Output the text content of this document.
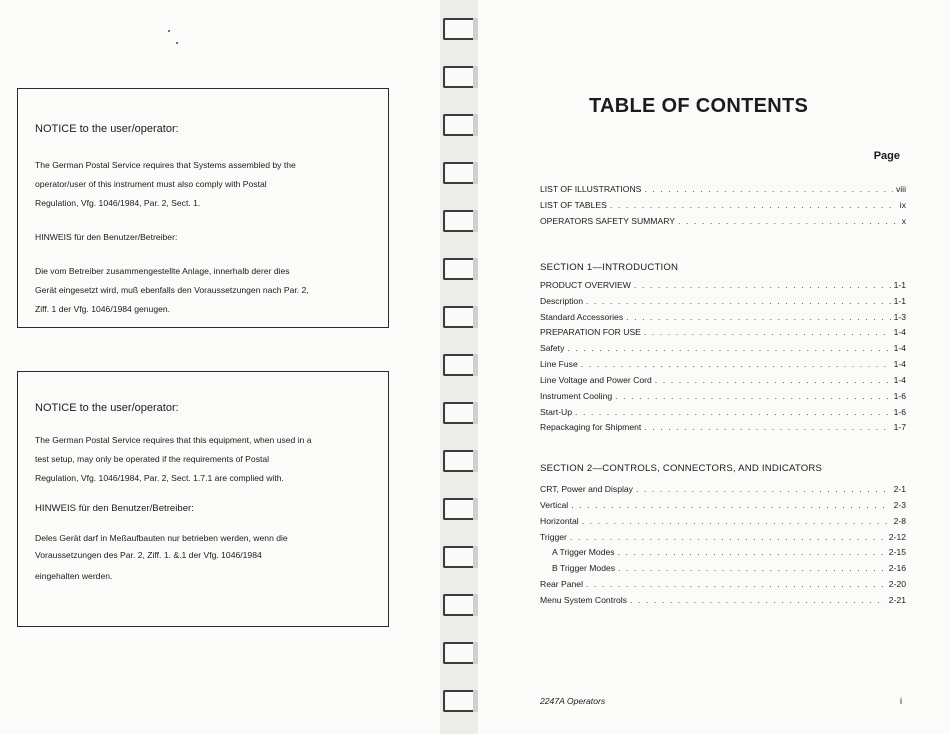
NOTICE to the user/operator:
The German Postal Service requires that Systems assembled by the
operator/user of this instrument must also comply with Postal
Regulation, Vfg. 1046/1984, Par. 2, Sect. 1.
HINWEIS für den Benutzer/Betreiber:
Die vom Betreiber zusammengestellte Anlage, innerhalb derer dies
Gerät eingesetzt wird, muß ebenfalls den Voraussetzungen nach Par. 2,
Ziff. 1 der Vfg. 1046/1984 genugen.
NOTICE to the user/operator:
The German Postal Service requires that this equipment, when used in a
test setup, may only be operated if the requirements of Postal
Regulation, Vfg. 1046/1984, Par. 2, Sect. 1.7.1 are complied with.
HINWEIS für den Benutzer/Betreiber:
Deles Gerät darf in Meßaufbauten nur betrieben werden, wenn die
Voraussetzungen des Par. 2, Ziff. 1. &.1 der Vfg. 1046/1984
eingehalten werden.
TABLE OF CONTENTS
Page
LIST OF ILLUSTRATIONS . . .	viii
LIST OF TABLES . . .	ix
OPERATORS SAFETY SUMMARY . . .	x
SECTION 1—INTRODUCTION
PRODUCT OVERVIEW . . .	1-1
Description . . .	1-1
Standard Accessories . . .	1-3
PREPARATION FOR USE . . .	1-4
Safety . . .	1-4
Line Fuse . . .	1-4
Line Voltage and Power Cord . . .	1-4
Instrument Cooling . . .	1-6
Start-Up . . .	1-6
Repackaging for Shipment . . .	1-7
SECTION 2—CONTROLS, CONNECTORS, AND INDICATORS
CRT, Power and Display . . .	2-1
Vertical . . .	2-3
Horizontal . . .	2-8
Trigger . . .	2-12
A Trigger Modes . . .	2-15
B Trigger Modes . . .	2-16
Rear Panel . . .	2-20
Menu System Controls . . .	2-21
2247A Operators	i
